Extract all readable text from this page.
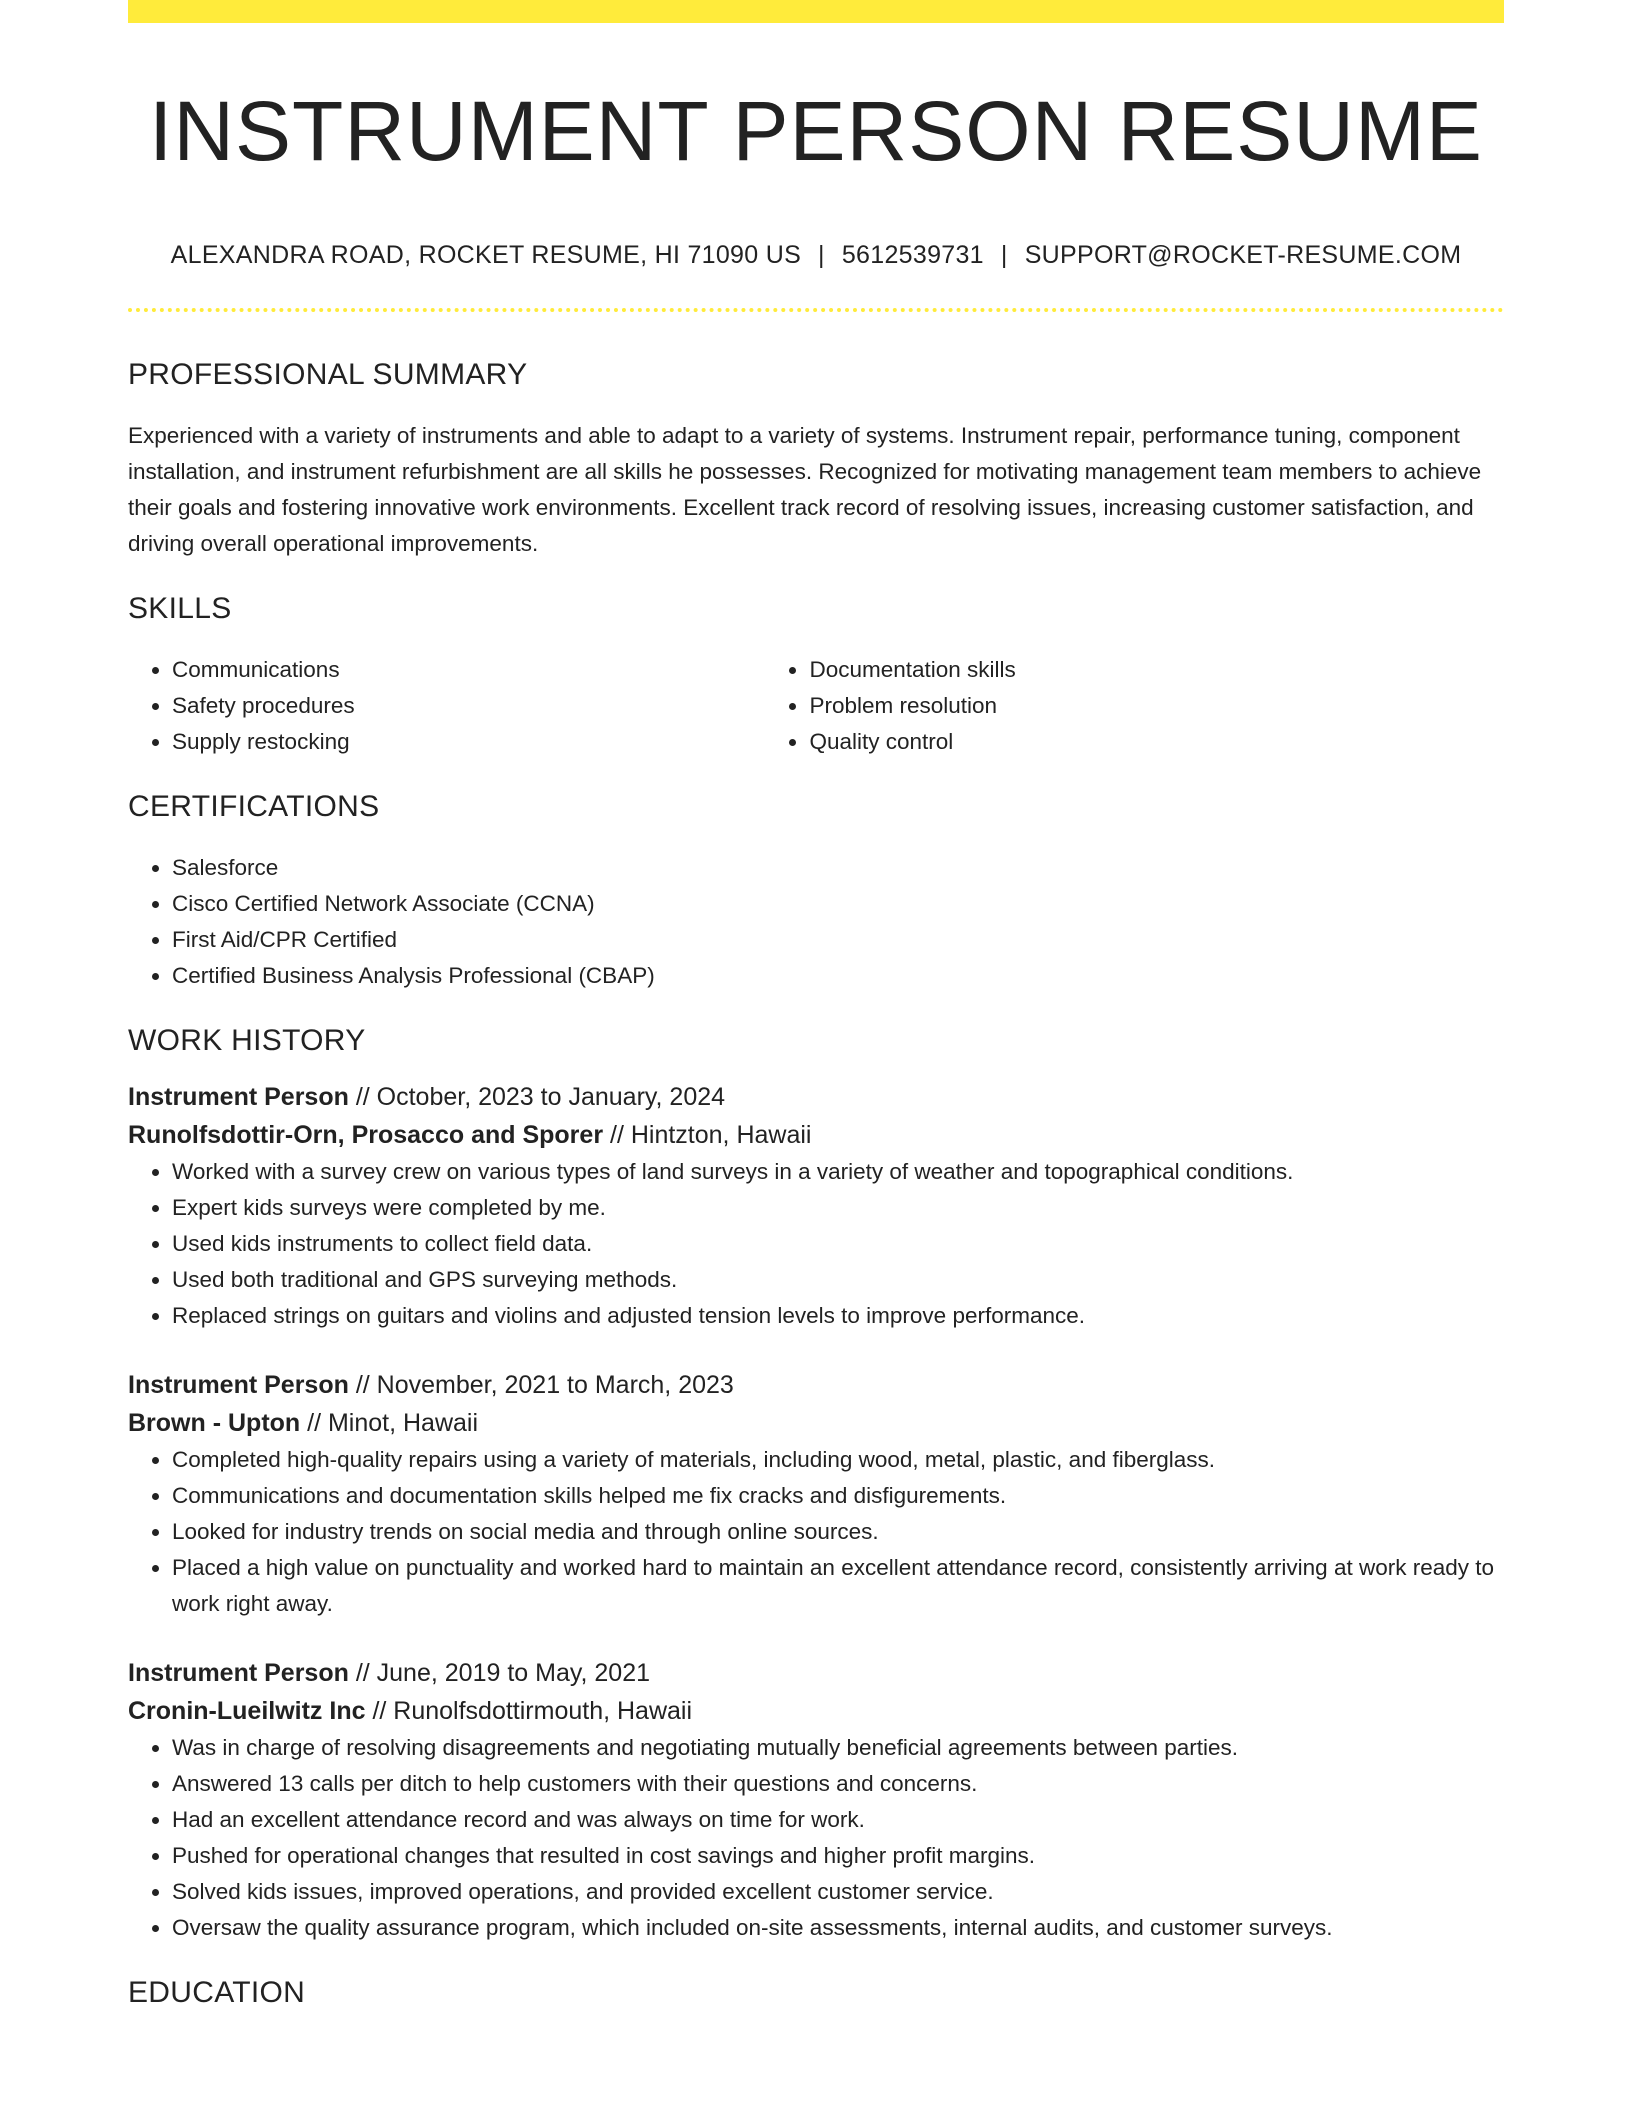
INSTRUMENT PERSON RESUME
ALEXANDRA ROAD, ROCKET RESUME, HI 71090 US | 5612539731 | SUPPORT@ROCKET-RESUME.COM
PROFESSIONAL SUMMARY

Experienced with a variety of instruments and able to adapt to a variety of systems. Instrument repair, performance tuning, component installation, and instrument refurbishment are all skills he possesses. Recognized for motivating management team members to achieve their goals and fostering innovative work environments. Excellent track record of resolving issues, increasing customer satisfaction, and driving overall operational improvements.

SKILLS
• Communications
• Safety procedures
• Supply restocking
• Documentation skills
• Problem resolution
• Quality control
CERTIFICATIONS
• Salesforce
• Cisco Certified Network Associate (CCNA)
• First Aid/CPR Certified
• Certified Business Analysis Professional (CBAP)
WORK HISTORY
Instrument Person // October, 2023 to January, 2024
Runolfsdottir-Orn, Prosacco and Sporer // Hintzton, Hawaii
• Worked with a survey crew on various types of land surveys in a variety of weather and topographical conditions.
• Expert kids surveys were completed by me.
• Used kids instruments to collect field data.
• Used both traditional and GPS surveying methods.
• Replaced strings on guitars and violins and adjusted tension levels to improve performance.
Instrument Person // November, 2021 to March, 2023
Brown - Upton // Minot, Hawaii
• Completed high-quality repairs using a variety of materials, including wood, metal, plastic, and fiberglass.
• Communications and documentation skills helped me fix cracks and disfigurements.
• Looked for industry trends on social media and through online sources.
• Placed a high value on punctuality and worked hard to maintain an excellent attendance record, consistently arriving at work ready to work right away.
Instrument Person // June, 2019 to May, 2021
Cronin-Lueilwitz Inc // Runolfsdottirmouth, Hawaii
• Was in charge of resolving disagreements and negotiating mutually beneficial agreements between parties.
• Answered 13 calls per ditch to help customers with their questions and concerns.
• Had an excellent attendance record and was always on time for work.
• Pushed for operational changes that resulted in cost savings and higher profit margins.
• Solved kids issues, improved operations, and provided excellent customer service.
• Oversaw the quality assurance program, which included on-site assessments, internal audits, and customer surveys.
EDUCATION
